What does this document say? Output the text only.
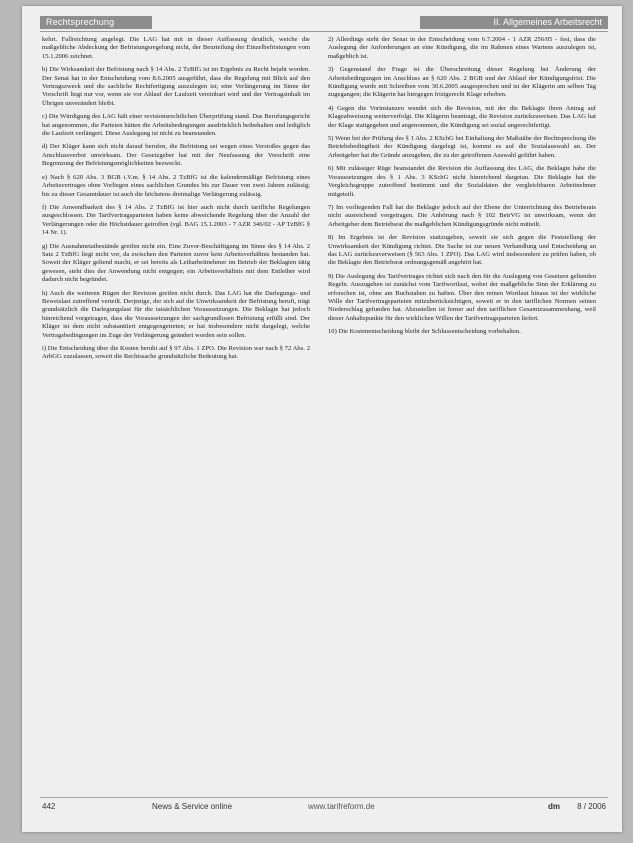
Rechtsprechung	II. Allgemeines Arbeitsrecht

kehrt. Fallreichtung angelegt. Die LAG hat mit in dieser Auffassung deutlich, weiche die maßgebliche Abdeckung der Befristungsregelung nicht, der Beurteilung der Einzelbefristungen vom 15.1.2006 zeichnet.

b) Die Wirksamkeit der Befristung nach § 14 Abs. 2 TzBfG ist im Ergebnis zu Recht bejaht worden. Der Senat hat in der Entscheidung vom 8.6.2005 ausgeführt, dass die Regelung mit Blick auf den Vertragszweck und die sachliche Rechtfertigung auszulegen ist; eine Verlängerung im Sinne der Vorschrift liegt nur vor, wenn sie vor Ablauf der Laufzeit vereinbart wird und der Vertragsinhalt im Übrigen unverändert bleibt.

c) Die Würdigung des LAG hält einer revisionsrechtlichen Überprüfung stand. Das Berufungsgericht hat angenommen, die Parteien hätten die Arbeitsbedingungen ausdrücklich beibehalten und lediglich die Laufzeit verlängert. Diese Auslegung ist nicht zu beanstanden.

d) Der Kläger kann sich nicht darauf berufen, die Befristung sei wegen eines Verstoßes gegen das Anschlussverbot unwirksam. Der Gesetzgeber hat mit der Neufassung der Vorschrift eine Begrenzung der Befristungsmöglichkeiten bezweckt.

e) Nach § 620 Abs. 3 BGB i.V.m. § 14 Abs. 2 TzBfG ist die kalendermäßige Befristung eines Arbeitsvertrages ohne Vorliegen eines sachlichen Grundes bis zur Dauer von zwei Jahren zulässig; bis zu dieser Gesamtdauer ist auch die höchstens dreimalige Verlängerung zulässig.

f) Die Anwendbarkeit des § 14 Abs. 2 TzBfG ist hier auch nicht durch tarifliche Regelungen ausgeschlossen. Die Tarifvertragsparteien haben keine abweichende Regelung über die Anzahl der Verlängerungen oder die Höchstdauer getroffen (vgl. BAG 15.1.2003 - 7 AZR 346/02 - AP TzBfG § 14 Nr. 1).

g) Die Ausnahmetatbestände greifen nicht ein. Eine Zuvor-Beschäftigung im Sinne des § 14 Abs. 2 Satz 2 TzBfG liegt nicht vor, da zwischen den Parteien zuvor kein Arbeitsverhältnis bestanden hat. Soweit der Kläger geltend macht, er sei bereits als Leiharbeitnehmer im Betrieb der Beklagten tätig gewesen, steht dies der Anwendung nicht entgegen; ein Arbeitsverhältnis mit dem Entleiher wird dadurch nicht begründet.

h) Auch die weiteren Rügen der Revision greifen nicht durch. Das LAG hat die Darlegungs- und Beweislast zutreffend verteilt. Derjenige, der sich auf die Unwirksamkeit der Befristung beruft, trägt grundsätzlich die Darlegungslast für die tatsächlichen Voraussetzungen. Die Beklagte hat jedoch hinreichend vorgetragen, dass die Voraussetzungen der sachgrundlosen Befristung erfüllt sind. Der Kläger ist dem nicht substantiiert entgegengetreten; er hat insbesondere nicht dargelegt, welche Vertragsbedingungen im Zuge der Verlängerung geändert worden sein sollen.

i) Die Entscheidung über die Kosten beruht auf § 97 Abs. 1 ZPO. Die Revision war nach § 72 Abs. 2 ArbGG zuzulassen, soweit die Rechtssache grundsätzliche Bedeutung hat.

2) Allerdings steht der Senat in der Entscheidung vom 6.7.2004 - 1 AZR 256/05 - fest, dass die Auslegung der Anforderungen an eine Kündigung, die im Rahmen eines Wartens auszulegen ist, maßgeblich ist.

3) Gegenstand der Frage ist die Überschreitung dieser Regelung bei Änderung der Arbeitsbedingungen im Anschluss an § 620 Abs. 2 BGB und der Ablauf der Kündigungsfrist. Die Kündigung wurde mit Schreiben vom 30.6.2005 ausgesprochen und ist der Klägerin am selben Tag zugegangen; die Klägerin hat hiergegen fristgerecht Klage erhoben.

4) Gegen die Vorinstanzen wendet sich die Revision, mit der die Beklagte ihren Antrag auf Klageabweisung weiterverfolgt. Die Klägerin beantragt, die Revision zurückzuweisen. Das LAG hat der Klage stattgegeben und angenommen, die Kündigung sei sozial ungerechtfertigt.

5) Wenn bei der Prüfung des § 1 Abs. 2 KSchG bei Einhaltung der Maßstäbe der Rechtsprechung die Betriebsbedingtheit der Kündigung dargelegt ist, kommt es auf die Sozialauswahl an. Der Arbeitgeber hat die Gründe anzugeben, die zu der getroffenen Auswahl geführt haben.

6) Mit zulässiger Rüge beanstandet die Revision die Auffassung des LAG, die Beklagte habe die Voraussetzungen des § 1 Abs. 3 KSchG nicht hinreichend dargetan. Die Beklagte hat die Vergleichsgruppe zutreffend bestimmt und die Sozialdaten der vergleichbaren Arbeitnehmer mitgeteilt.

7) Im vorliegenden Fall hat die Beklagte jedoch auf der Ebene der Unterrichtung des Betriebsrats nicht ausreichend vorgetragen. Die Anhörung nach § 102 BetrVG ist unwirksam, wenn der Arbeitgeber dem Betriebsrat die maßgeblichen Kündigungsgründe nicht mitteilt.

8) Im Ergebnis ist der Revision stattzugeben, soweit sie sich gegen die Feststellung der Unwirksamkeit der Kündigung richtet. Die Sache ist zur neuen Verhandlung und Entscheidung an das LAG zurückzuverweisen (§ 563 Abs. 1 ZPO). Das LAG wird insbesondere zu prüfen haben, ob die Beklagte den Betriebsrat ordnungsgemäß angehört hat.

9) Die Auslegung des Tarifvertrages richtet sich nach den für die Auslegung von Gesetzen geltenden Regeln. Auszugehen ist zunächst vom Tarifwortlaut, wobei der maßgebliche Sinn der Erklärung zu erforschen ist, ohne am Buchstaben zu haften. Über den reinen Wortlaut hinaus ist der wirkliche Wille der Tarifvertragsparteien mitzuberücksichtigen, soweit er in den tariflichen Normen seinen Niederschlag gefunden hat. Abzustellen ist ferner auf den tariflichen Gesamtzusammenhang, weil dieser Anhaltspunkte für den wirklichen Willen der Tarifvertragsparteien liefert.

10) Die Kostenentscheidung bleibt der Schlussentscheidung vorbehalten.

442	News & Service online	www.tarifreform.de	dm 8 / 2006
